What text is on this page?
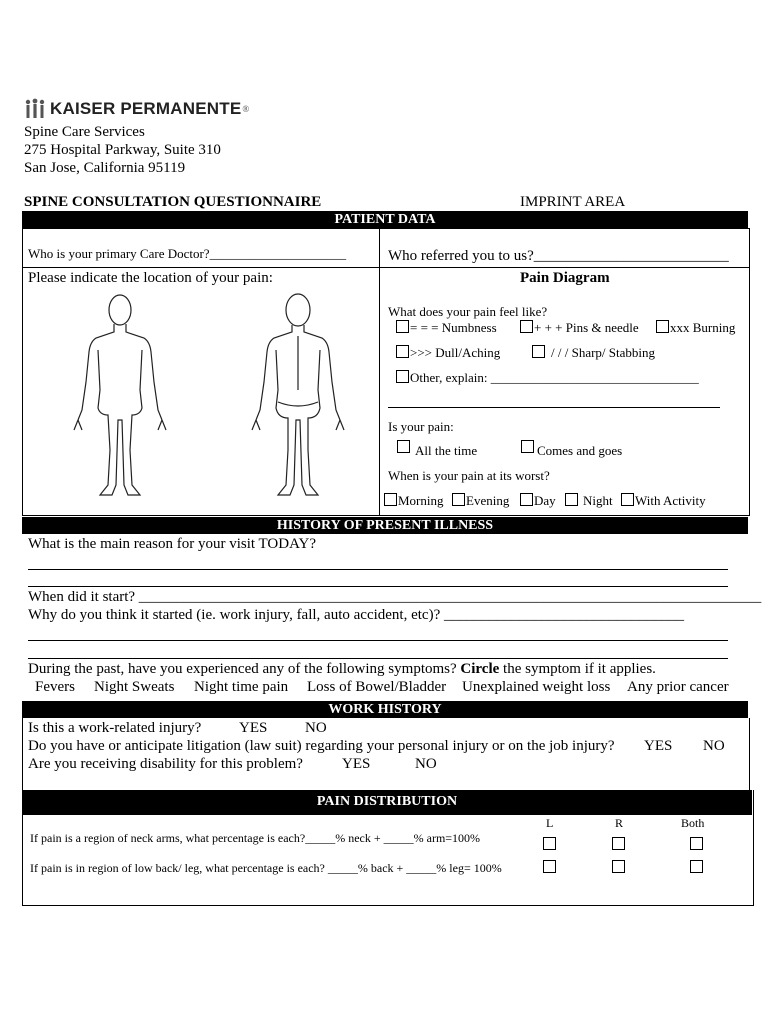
KAISER PERMANENTE ®
Spine Care Services
275 Hospital Parkway, Suite 310
San Jose, California 95119
SPINE CONSULTATION QUESTIONNAIRE	IMPRINT AREA
PATIENT DATA
Who is your primary Care Doctor?_____________________	Who referred you to us?__________________________
Please indicate the location of your pain:	Pain Diagram
What does your pain feel like?
= = = Numbness	+ + + Pins & needle	xxx Burning
>>> Dull/Aching	/ / / Sharp/ Stabbing
Other, explain: ________________________________
Is your pain:
All the time	Comes and goes
When is your pain at its worst?
Morning	Evening	Day	Night	With Activity
HISTORY OF PRESENT ILLNESS
What is the main reason for your visit TODAY?
When did it start? ___________________________________________________________________________________
Why do you think it started (ie. work injury, fall, auto accident, etc)? ________________________________
During the past, have you experienced any of the following symptoms? Circle the symptom if it applies.
Fevers Night Sweats Night time pain Loss of Bowel/Bladder Unexplained weight loss Any prior cancer
WORK HISTORY
Is this a work-related injury?	YES	NO
Do you have or anticipate litigation (law suit) regarding your personal injury or on the job injury? YES NO
Are you receiving disability for this problem?	YES	NO
PAIN DISTRIBUTION
L	R	Both
If pain is a region of neck arms, what percentage is each?_____% neck + _____% arm=100%
If pain is in region of low back/ leg, what percentage is each? _____% back + _____% leg= 100%
